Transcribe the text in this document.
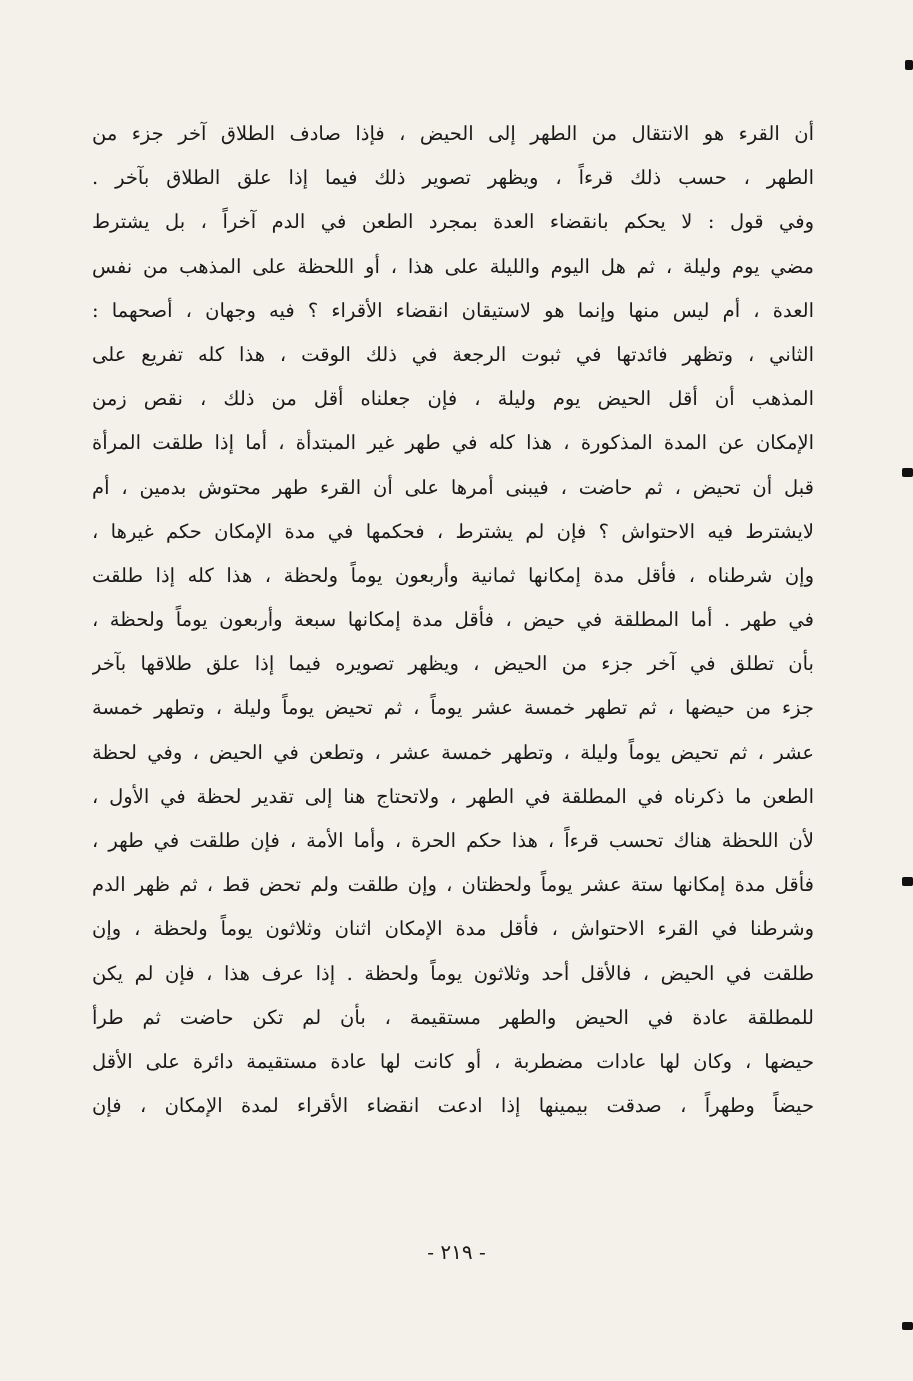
أن القرء هو الانتقال من الطهر إلى الحيض ، فإذا صادف الطلاق آخر جزء من
الطهر ، حسب ذلك قرءاً ، ويظهر تصوير ذلك فيما إذا علق الطلاق بآخر .
وفي قول : لا يحكم بانقضاء العدة بمجرد الطعن في الدم آخراً ، بل يشترط
مضي يوم وليلة ، ثم هل اليوم والليلة على هذا ، أو اللحظة على المذهب من نفس
العدة ، أم ليس منها وإنما هو لاستيقان انقضاء الأقراء ؟ فيه وجهان ، أصحهما :
الثاني ، وتظهر فائدتها في ثبوت الرجعة في ذلك الوقت ، هذا كله تفريع على
المذهب أن أقل الحيض يوم وليلة ، فإن جعلناه أقل من ذلك ، نقص زمن
الإمكان عن المدة المذكورة ، هذا كله في طهر غير المبتدأة ، أما إذا طلقت المرأة
قبل أن تحيض ، ثم حاضت ، فيبنى أمرها على أن القرء طهر محتوش بدمين ، أم
لايشترط فيه الاحتواش ؟ فإن لم يشترط ، فحكمها في مدة الإمكان حكم غيرها ،
وإن شرطناه ، فأقل مدة إمكانها ثمانية وأربعون يوماً ولحظة ، هذا كله إذا طلقت
في طهر . أما المطلقة في حيض ، فأقل مدة إمكانها سبعة وأربعون يوماً ولحظة ،
بأن تطلق في آخر جزء من الحيض ، ويظهر تصويره فيما إذا علق طلاقها بآخر
جزء من حيضها ، ثم تطهر خمسة عشر يوماً ، ثم تحيض يوماً وليلة ، وتطهر خمسة
عشر ، ثم تحيض يوماً وليلة ، وتطهر خمسة عشر ، وتطعن في الحيض ، وفي لحظة
الطعن ما ذكرناه في المطلقة في الطهر ، ولاتحتاج هنا إلى تقدير لحظة في الأول ،
لأن اللحظة هناك تحسب قرءاً ، هذا حكم الحرة ، وأما الأمة ، فإن طلقت في طهر ،
فأقل مدة إمكانها ستة عشر يوماً ولحظتان ، وإن طلقت ولم تحض قط ، ثم ظهر الدم
وشرطنا في القرء الاحتواش ، فأقل مدة الإمكان اثنان وثلاثون يوماً ولحظة ، وإن
طلقت في الحيض ، فالأقل أحد وثلاثون يوماً ولحظة . إذا عرف هذا ، فإن لم يكن
للمطلقة عادة في الحيض والطهر مستقيمة ، بأن لم تكن حاضت ثم طرأ
حيضها ، وكان لها عادات مضطربة ، أو كانت لها عادة مستقيمة دائرة على الأقل
حيضاً وطهراً ، صدقت بيمينها إذا ادعت انقضاء الأقراء لمدة الإمكان ، فإن
- ٢١٩ -
